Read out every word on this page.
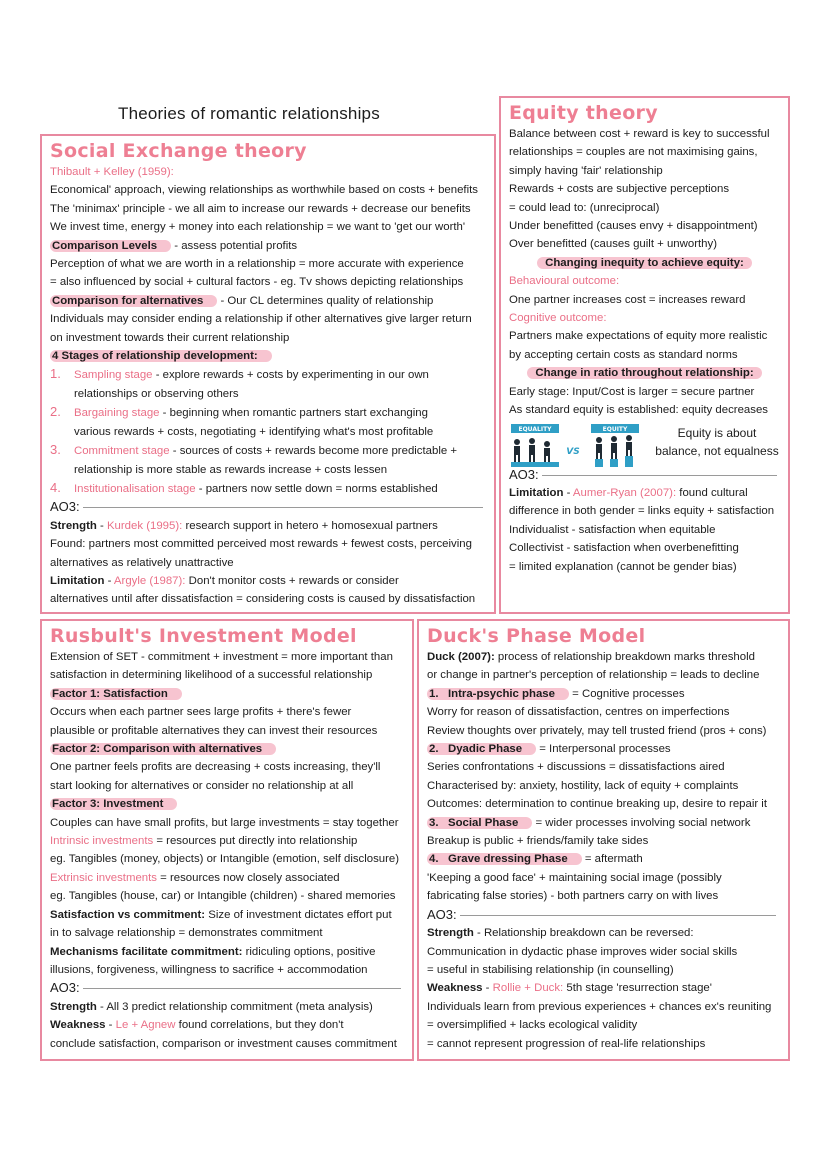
Theories of romantic relationships
Social Exchange theory
Thibault + Kelley (1959):
Economical' approach, viewing relationships as worthwhile based on costs + benefits
The 'minimax' principle - we all aim to increase our rewards + decrease our benefits
We invest time, energy + money into each relationship = we want to 'get our worth'
Comparison Levels - assess potential profits
Perception of what we are worth in a relationship = more accurate with experience
= also influenced by social + cultural factors - eg. Tv shows depicting relationships
Comparison for alternatives - Our CL determines quality of relationship
Individuals may consider ending a relationship if other alternatives give larger return
on investment towards their current relationship
4 Stages of relationship development:
1. Sampling stage - explore rewards + costs by experimenting in our own
relationships or observing others
2. Bargaining stage - beginning when romantic partners start exchanging
various rewards + costs, negotiating + identifying what's most profitable
3. Commitment stage - sources of costs + rewards become more predictable +
relationship is more stable as rewards increase + costs lessen
4. Institutionalisation stage - partners now settle down = norms established
AO3:
Strength - Kurdek (1995): research support in hetero + homosexual partners
Found: partners most committed perceived most rewards + fewest costs, perceiving
alternatives as relatively unattractive
Limitation - Argyle (1987): Don't monitor costs + rewards or consider
alternatives until after dissatisfaction = considering costs is caused by dissatisfaction
Equity theory
Balance between cost + reward is key to successful
relationships = couples are not maximising gains,
simply having 'fair' relationship
Rewards + costs are subjective perceptions
= could lead to: (unreciprocal)
Under benefitted (causes envy + disappointment)
Over benefitted (causes guilt + unworthy)
Changing inequity to achieve equity:
Behavioural outcome:
One partner increases cost = increases reward
Cognitive outcome:
Partners make expectations of equity more realistic
by accepting certain costs as standard norms
Change in ratio throughout relationship:
Early stage: Input/Cost is larger = secure partner
As standard equity is established: equity decreases
EQUALITY
VS
EQUITY	Equity is about
balance, not equalness
AO3:
Limitation - Aumer-Ryan (2007): found cultural
difference in both gender = links equity + satisfaction
Individualist - satisfaction when equitable
Collectivist - satisfaction when overbenefitting
= limited explanation (cannot be gender bias)
Rusbult's Investment Model
Extension of SET - commitment + investment = more important than
satisfaction in determining likelihood of a successful relationship
Factor 1: Satisfaction
Occurs when each partner sees large profits + there's fewer
plausible or profitable alternatives they can invest their resources
Factor 2: Comparison with alternatives
One partner feels profits are decreasing + costs increasing, they'll
start looking for alternatives or consider no relationship at all
Factor 3: Investment
Couples can have small profits, but large investments = stay together
Intrinsic investments = resources put directly into relationship
eg. Tangibles (money, objects) or Intangible (emotion, self disclosure)
Extrinsic investments = resources now closely associated
eg. Tangibles (house, car) or Intangible (children) - shared memories
Satisfaction vs commitment: Size of investment dictates effort put
in to salvage relationship = demonstrates commitment
Mechanisms facilitate commitment: ridiculing options, positive
illusions, forgiveness, willingness to sacrifice + accommodation
AO3:
Strength - All 3 predict relationship commitment (meta analysis)
Weakness - Le + Agnew found correlations, but they don't
conclude satisfaction, comparison or investment causes commitment
Duck's Phase Model
Duck (2007): process of relationship breakdown marks threshold
or change in partner's perception of relationship = leads to decline
1. Intra-psychic phase = Cognitive processes
Worry for reason of dissatisfaction, centres on imperfections
Review thoughts over privately, may tell trusted friend (pros + cons)
2. Dyadic Phase = Interpersonal processes
Series confrontations + discussions = dissatisfactions aired
Characterised by: anxiety, hostility, lack of equity + complaints
Outcomes: determination to continue breaking up, desire to repair it
3. Social Phase = wider processes involving social network
Breakup is public + friends/family take sides
4. Grave dressing Phase = aftermath
'Keeping a good face' + maintaining social image (possibly
fabricating false stories) - both partners carry on with lives
AO3:
Strength - Relationship breakdown can be reversed:
Communication in dydactic phase improves wider social skills
= useful in stabilising relationship (in counselling)
Weakness - Rollie + Duck: 5th stage 'resurrection stage'
Individuals learn from previous experiences + chances ex's reuniting
= oversimplified + lacks ecological validity
= cannot represent progression of real-life relationships
